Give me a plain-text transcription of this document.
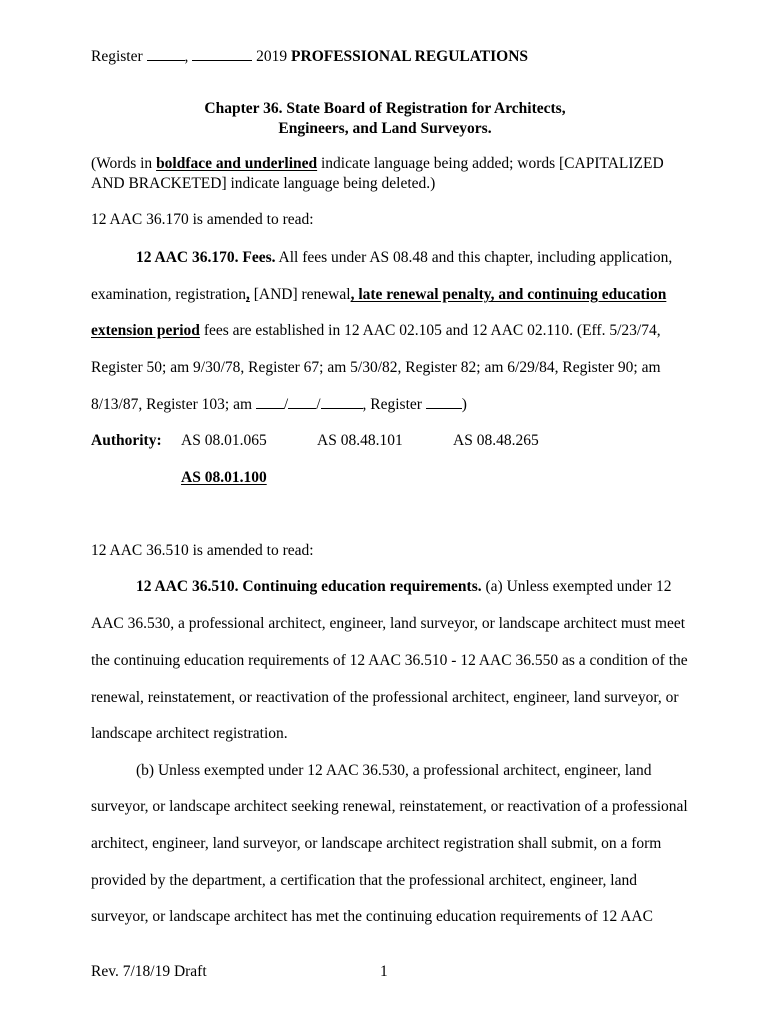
Register	,	2019 PROFESSIONAL REGULATIONS
Chapter 36. State Board of Registration for Architects,
Engineers, and Land Surveyors.
(Words in boldface and underlined indicate language being added; words [CAPITALIZED
AND BRACKETED] indicate language being deleted.)
12 AAC 36.170 is amended to read:
12 AAC 36.170. Fees. All fees under AS 08.48 and this chapter, including application,
examination, registration, [AND] renewal, late renewal penalty, and continuing education
extension period fees are established in 12 AAC 02.105 and 12 AAC 02.110. (Eff. 5/23/74,
Register 50; am 9/30/78, Register 67; am 5/30/82, Register 82; am 6/29/84, Register 90; am
8/13/87, Register 103; am / /	, Register )
Authority: AS 08.01.065	AS 08.48.101	AS 08.48.265
AS 08.01.100
12 AAC 36.510 is amended to read:
12 AAC 36.510. Continuing education requirements. (a) Unless exempted under 12
AAC 36.530, a professional architect, engineer, land surveyor, or landscape architect must meet
the continuing education requirements of 12 AAC 36.510 - 12 AAC 36.550 as a condition of the
renewal, reinstatement, or reactivation of the professional architect, engineer, land surveyor, or
landscape architect registration.
(b) Unless exempted under 12 AAC 36.530, a professional architect, engineer, land
surveyor, or landscape architect seeking renewal, reinstatement, or reactivation of a professional
architect, engineer, land surveyor, or landscape architect registration shall submit, on a form
provided by the department, a certification that the professional architect, engineer, land
surveyor, or landscape architect has met the continuing education requirements of 12 AAC
Rev. 7/18/19 Draft	1
